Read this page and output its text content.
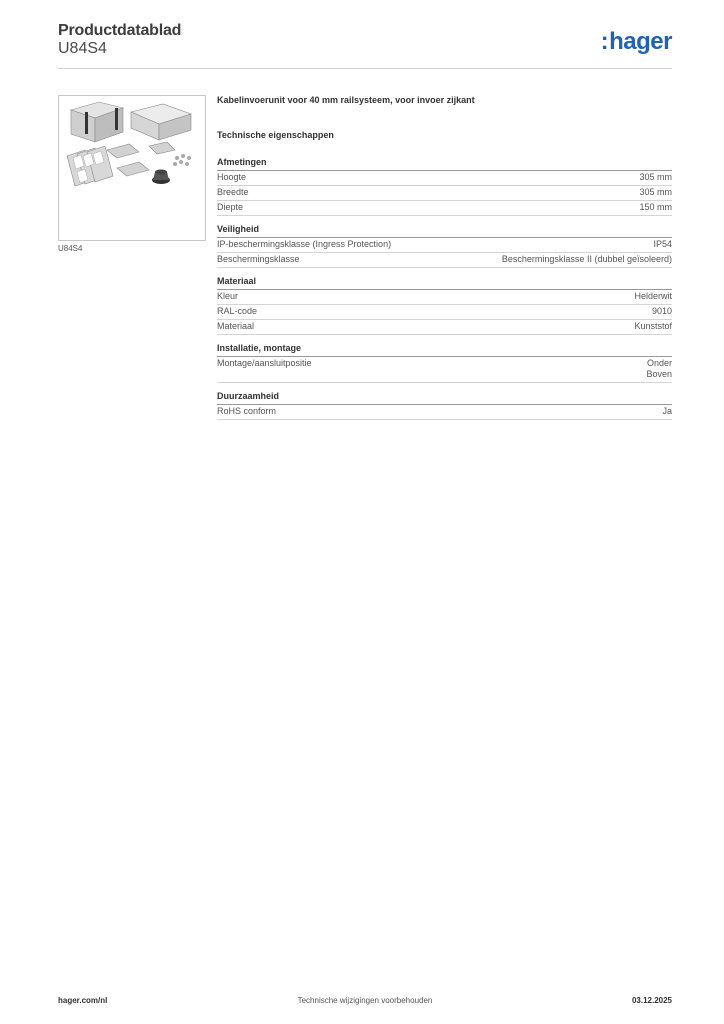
Productdatablad
U84S4	:hager
U84S4
Kabelinvoerunit voor 40 mm railsysteem, voor invoer zijkant
Technische eigenschappen
Afmetingen
Hoogte	305 mm
Breedte	305 mm
Diepte	150 mm
Veiligheid
IP-beschermingsklasse (Ingress Protection)	IP54
Beschermingsklasse	Beschermingsklasse II (dubbel geïsoleerd)
Materiaal
Kleur	Helderwit
RAL-code	9010
Materiaal	Kunststof
Installatie, montage
Montage/aansluitpositie	Onder
Boven
Duurzaamheid
RoHS conform	Ja
Technische wijzigingen voorbehouden
hager.com/nl	03.12.2025
